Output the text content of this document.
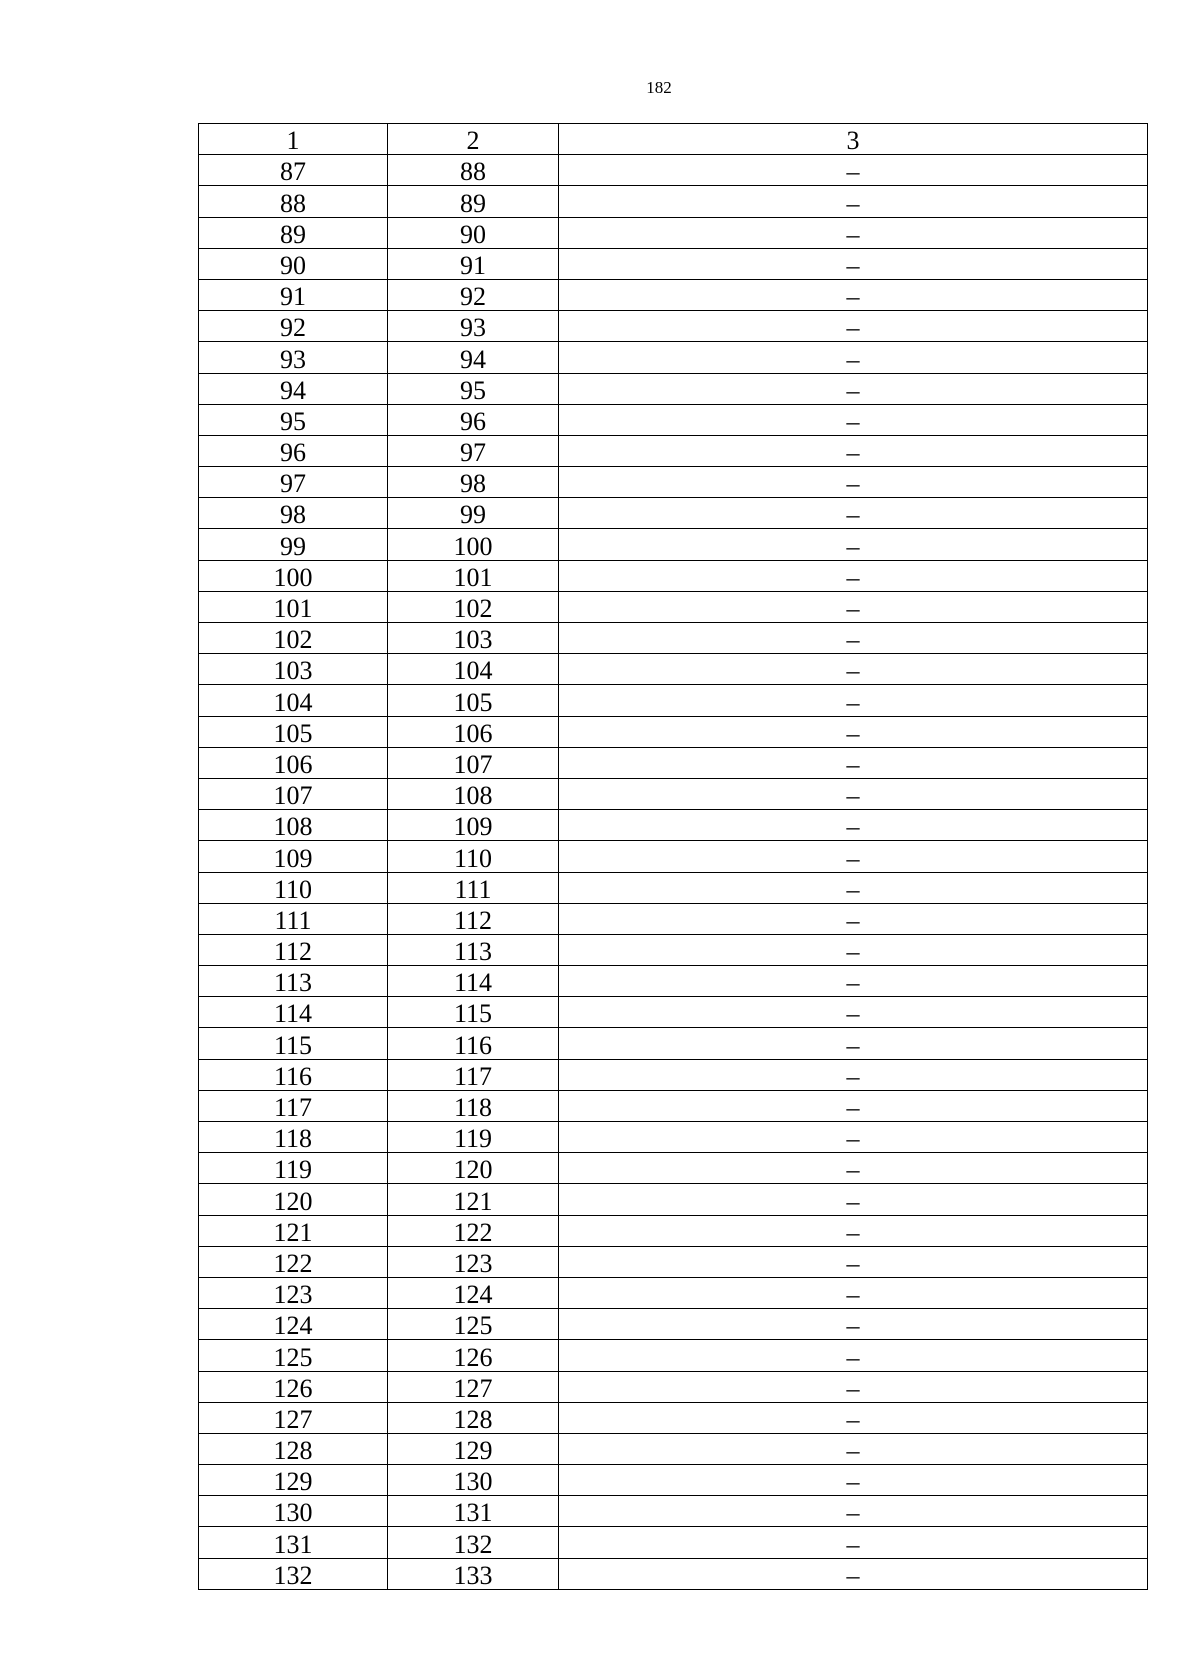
182
1	2	3
87	88	–
88	89	–
89	90	–
90	91	–
91	92	–
92	93	–
93	94	–
94	95	–
95	96	–
96	97	–
97	98	–
98	99	–
99	100	–
100	101	–
101	102	–
102	103	–
103	104	–
104	105	–
105	106	–
106	107	–
107	108	–
108	109	–
109	110	–
110	111	–
111	112	–
112	113	–
113	114	–
114	115	–
115	116	–
116	117	–
117	118	–
118	119	–
119	120	–
120	121	–
121	122	–
122	123	–
123	124	–
124	125	–
125	126	–
126	127	–
127	128	–
128	129	–
129	130	–
130	131	–
131	132	–
132	133	–
